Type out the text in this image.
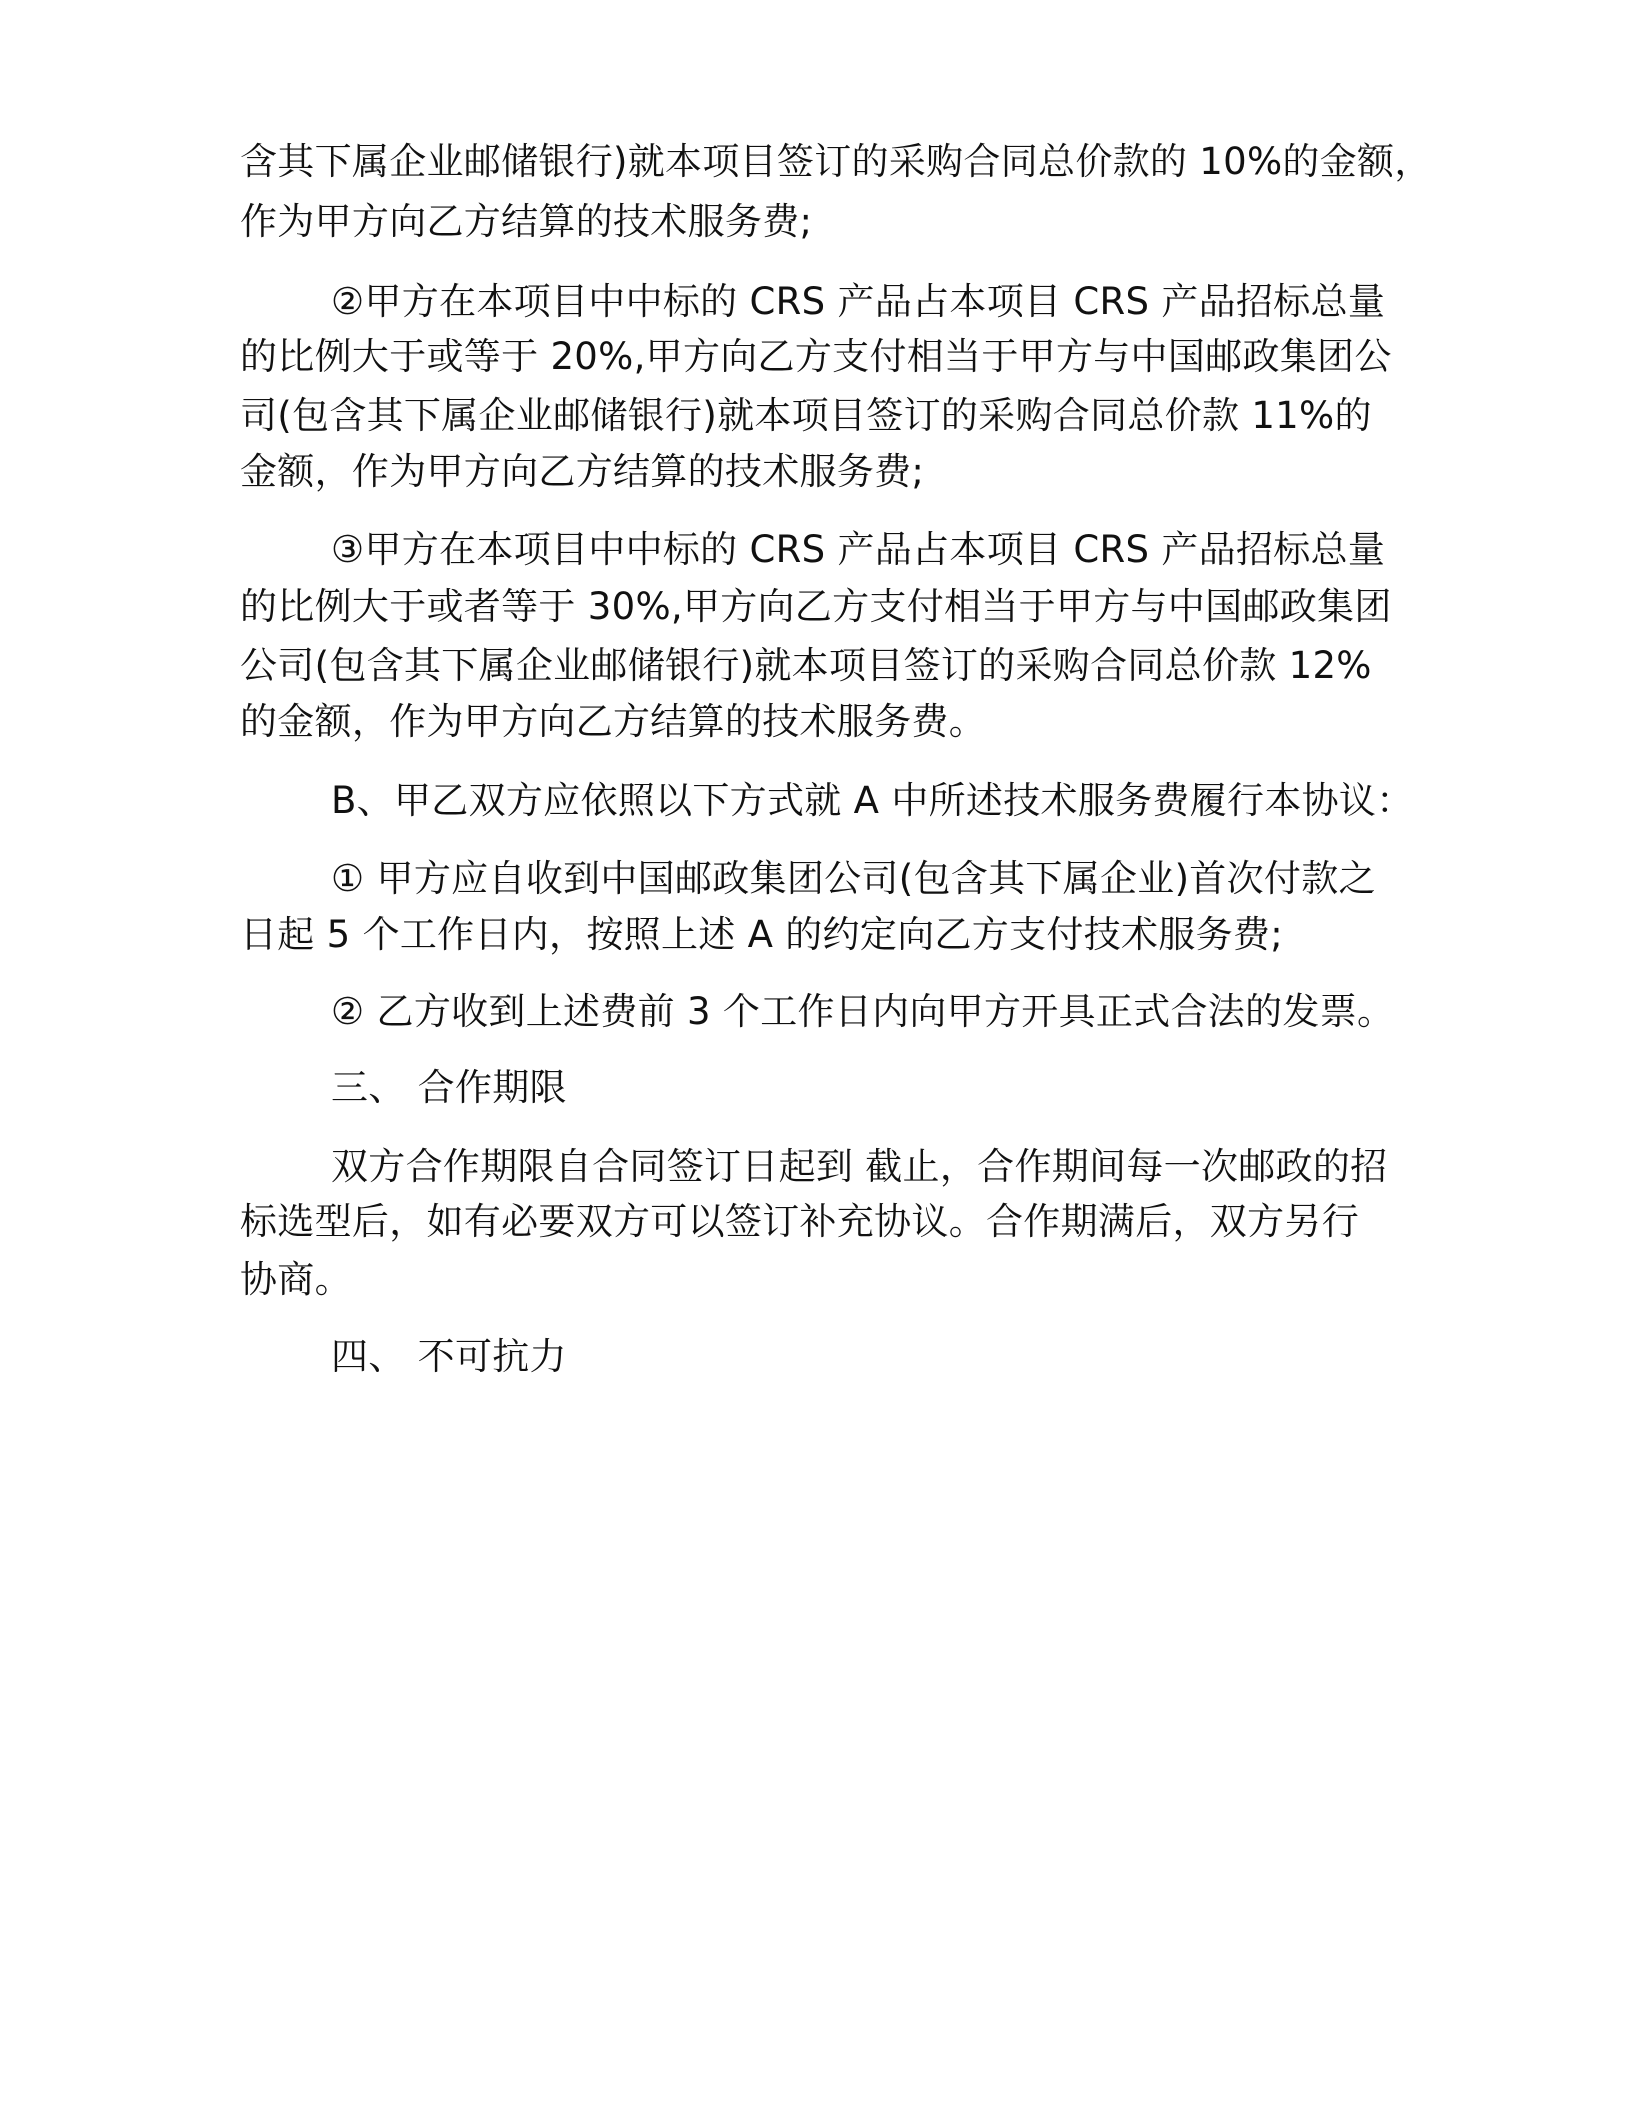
含其下属企业邮储银行)就本项目签订的采购合同总价款的 10%的金额，
作为甲方向乙方结算的技术服务费;
②甲方在本项目中中标的 CRS 产品占本项目 CRS 产品招标总量
的比例大于或等于 20%,甲方向乙方支付相当于甲方与中国邮政集团公
司(包含其下属企业邮储银行)就本项目签订的采购合同总价款 11%的
金额，作为甲方向乙方结算的技术服务费;
③甲方在本项目中中标的 CRS 产品占本项目 CRS 产品招标总量
的比例大于或者等于 30%,甲方向乙方支付相当于甲方与中国邮政集团
公司(包含其下属企业邮储银行)就本项目签订的采购合同总价款 12%
的金额，作为甲方向乙方结算的技术服务费。
B、甲乙双方应依照以下方式就 A 中所述技术服务费履行本协议：
① 甲方应自收到中国邮政集团公司(包含其下属企业)首次付款之
日起 5 个工作日内，按照上述 A 的约定向乙方支付技术服务费;
② 乙方收到上述费前 3 个工作日内向甲方开具正式合法的发票。
三、 合作期限
双方合作期限自合同签订日起到 截止，合作期间每一次邮政的招
标选型后，如有必要双方可以签订补充协议。合作期满后，双方另行
协商。
四、 不可抗力
